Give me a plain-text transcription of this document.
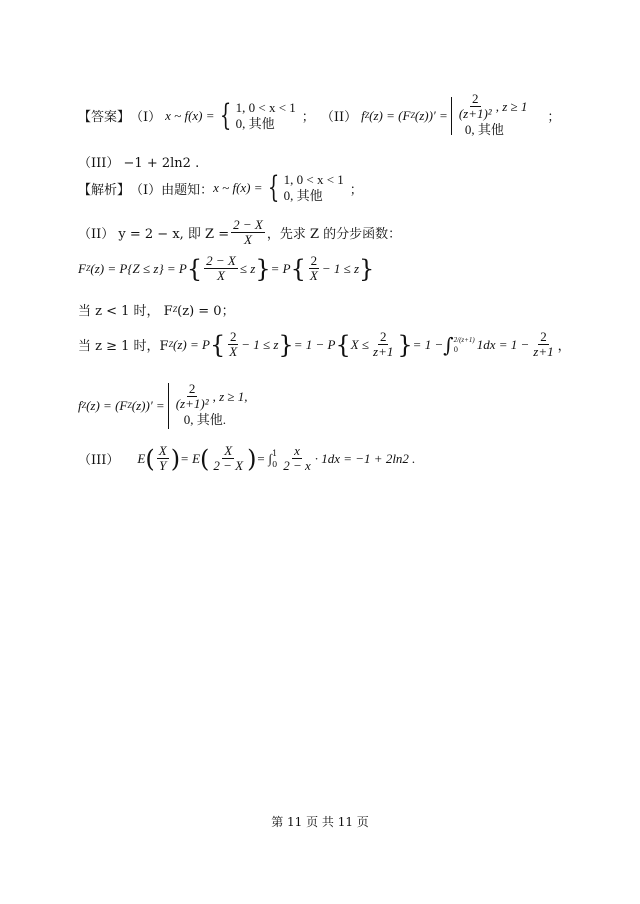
【答案】 （I） x ~ f(x) = { 1, 0 < x < 1
0, 其他	； （II） f Z (z) = (F Z $(z))' = \frac{2}{\text{(z+1)²}}$ , z ≥ 1
0, 其他
；
（III） −1 + 2ln2 .
【解析】 （I）由题知： x ~ f(x) = { 1, 0 < x < 1
0, 其他	；
（II） y = 2 − x, 即 $Z = \frac{2 - X}{X}$ ，先求 Z 的分步函数：
F Z (z) = P{Z ≤ z} = P { $\frac{2 - X}{X} \le z$ } = P { $\frac{2}{X} - 1 \le z$ }
当 z < 1 时， F Z (z) = 0；
当 z ≥ 1 时，F Z (z) = P { $\frac{2}{X} - 1 \le z$ } = 1 − P { $X \le \frac{2}{z+1}$ } = 1 − ∫ 2/(z+1)
0	$1dx = 1 - \frac{2}{z+1}$ ，
f Z (z) = (F Z $(z))' = \frac{2}{\text{(z+1)²}}$ , z ≥ 1,
0, 其他.
（III） E ( $\frac{X}{Y}$ ) = E ( $\frac{X}{2 - X}$ ) = ∫ 1
$0 \frac{x}{2 - x} \cdot 1dx = -1 + 2\ln 2$ .
第 11 页 共 11 页
